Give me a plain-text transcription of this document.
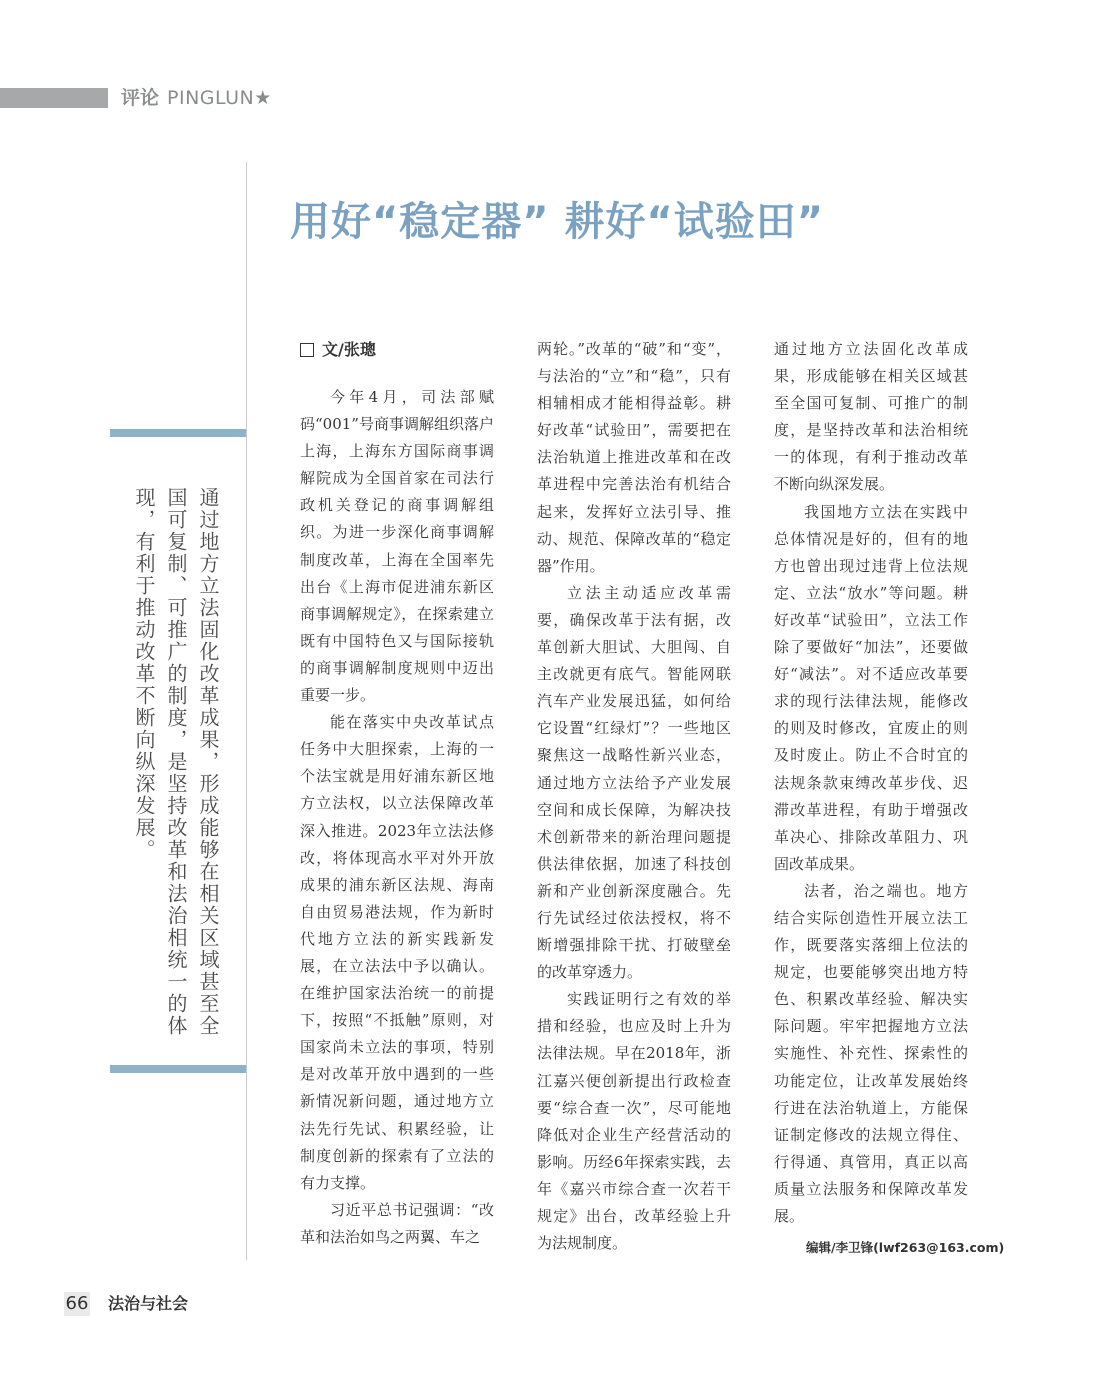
评论 PINGLUN★
通过地方立法固化改革成果，形成能够在相关区域甚至全国可复制、可推广的制度，是坚持改革和法治相统一的体现，有利于推动改革不断向纵深发展。
用好“稳定器” 耕好“试验田”
文/张璁

今年4月，司法部赋码“001”号商事调解组织落户上海，上海东方国际商事调解院成为全国首家在司法行政机关登记的商事调解组织。为进一步深化商事调解制度改革，上海在全国率先出台《上海市促进浦东新区商事调解规定》，在探索建立既有中国特色又与国际接轨的商事调解制度规则中迈出重要一步。

能在落实中央改革试点任务中大胆探索，上海的一个法宝就是用好浦东新区地方立法权，以立法保障改革深入推进。2023年立法法修改，将体现高水平对外开放成果的浦东新区法规、海南自由贸易港法规，作为新时代地方立法的新实践新发展，在立法法中予以确认。在维护国家法治统一的前提下，按照“不抵触”原则，对国家尚未立法的事项，特别是对改革开放中遇到的一些新情况新问题，通过地方立法先行先试、积累经验，让制度创新的探索有了立法的有力支撑。

习近平总书记强调：“改革和法治如鸟之两翼、车之

两轮。”改革的“破”和“变”，与法治的“立”和“稳”，只有相辅相成才能相得益彰。耕好改革“试验田”，需要把在法治轨道上推进改革和在改革进程中完善法治有机结合起来，发挥好立法引导、推动、规范、保障改革的“稳定器”作用。

立法主动适应改革需要，确保改革于法有据，改革创新大胆试、大胆闯、自主改就更有底气。智能网联汽车产业发展迅猛，如何给它设置“红绿灯”？一些地区聚焦这一战略性新兴业态，通过地方立法给予产业发展空间和成长保障，为解决技术创新带来的新治理问题提供法律依据，加速了科技创新和产业创新深度融合。先行先试经过依法授权，将不断增强排除干扰、打破壁垒的改革穿透力。

实践证明行之有效的举措和经验，也应及时上升为法律法规。早在2018年，浙江嘉兴便创新提出行政检查要“综合查一次”，尽可能地降低对企业生产经营活动的影响。历经6年探索实践，去年《嘉兴市综合查一次若干规定》出台，改革经验上升为法规制度。

通过地方立法固化改革成果，形成能够在相关区域甚至全国可复制、可推广的制度，是坚持改革和法治相统一的体现，有利于推动改革不断向纵深发展。

我国地方立法在实践中总体情况是好的，但有的地方也曾出现过违背上位法规定、立法“放水”等问题。耕好改革“试验田”，立法工作除了要做好“加法”，还要做好“减法”。对不适应改革要求的现行法律法规，能修改的则及时修改，宜废止的则及时废止。防止不合时宜的法规条款束缚改革步伐、迟滞改革进程，有助于增强改革决心、排除改革阻力、巩固改革成果。

法者，治之端也。地方结合实际创造性开展立法工作，既要落实落细上位法的规定，也要能够突出地方特色、积累改革经验、解决实际问题。牢牢把握地方立法实施性、补充性、探索性的功能定位，让改革发展始终行进在法治轨道上，方能保证制定修改的法规立得住、行得通、真管用，真正以高质量立法服务和保障改革发展。

编辑/李卫锋(lwf263@163.com)
66 法治与社会
